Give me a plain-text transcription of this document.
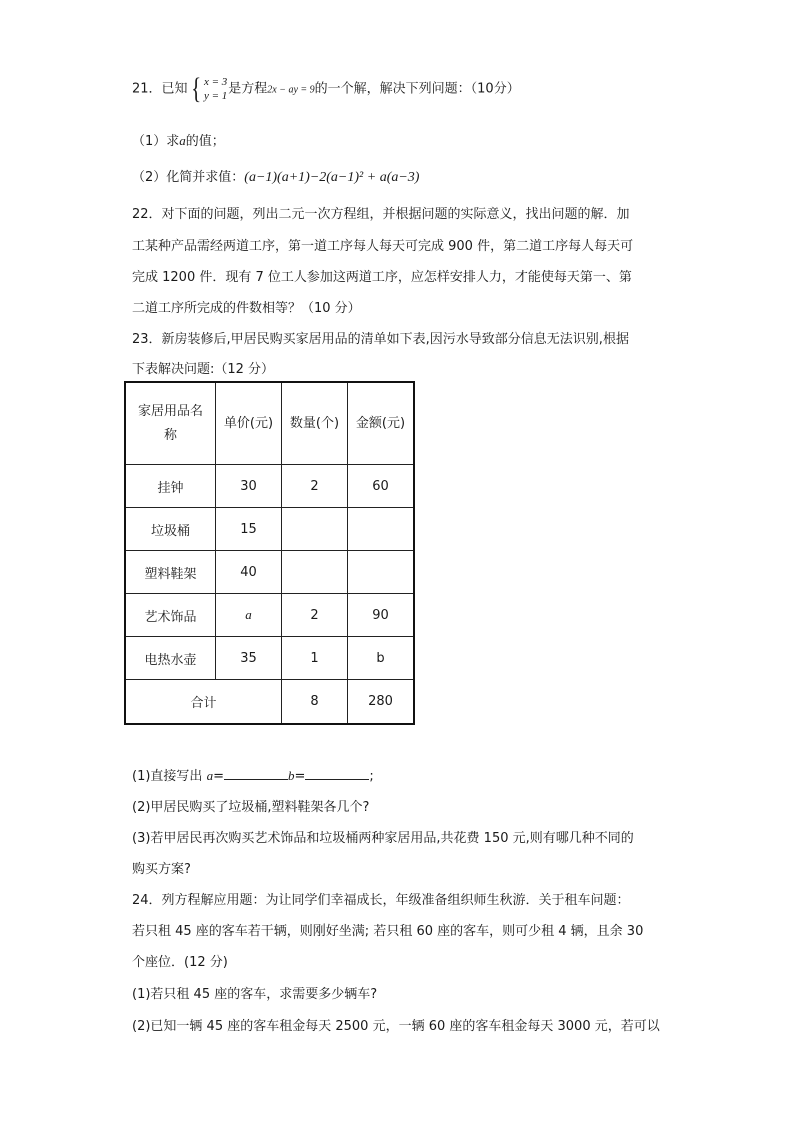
21．已知 { x = 3
y = 1 是方程2x − ay = 9的一个解，解决下列问题：（10分）
（1）求a的值；
（2）化简并求值：(a−1)(a+1)−2(a−1)² + a(a−3)
22．对下面的问题，列出二元一次方程组，并根据问题的实际意义，找出问题的解．加
工某种产品需经两道工序，第一道工序每人每天可完成 900 件，第二道工序每人每天可
完成 1200 件．现有 7 位工人参加这两道工序，应怎样安排人力，才能使每天第一、第
二道工序所完成的件数相等？（10 分）
23．新房装修后,甲居民购买家居用品的清单如下表,因污水导致部分信息无法识别,根据
下表解决问题:（12 分）
家居用品名
称	单价(元)	数量(个)	金额(元)
挂钟	30	2	60
垃圾桶	15		
塑料鞋架	40		
艺术饰品	a	2	90
电热水壶	35	1	b
合计		8	280
(1)直接写出 a=	b=	;
(2)甲居民购买了垃圾桶,塑料鞋架各几个?
(3)若甲居民再次购买艺术饰品和垃圾桶两种家居用品,共花费 150 元,则有哪几种不同的
购买方案?
24．列方程解应用题：为让同学们幸福成长，年级准备组织师生秋游．关于租车问题：
若只租 45 座的客车若干辆，则刚好坐满; 若只租 60 座的客车，则可少租 4 辆，且余 30
个座位．(12 分)
(1)若只租 45 座的客车，求需要多少辆车?
(2)已知一辆 45 座的客车租金每天 2500 元，一辆 60 座的客车租金每天 3000 元，若可以
